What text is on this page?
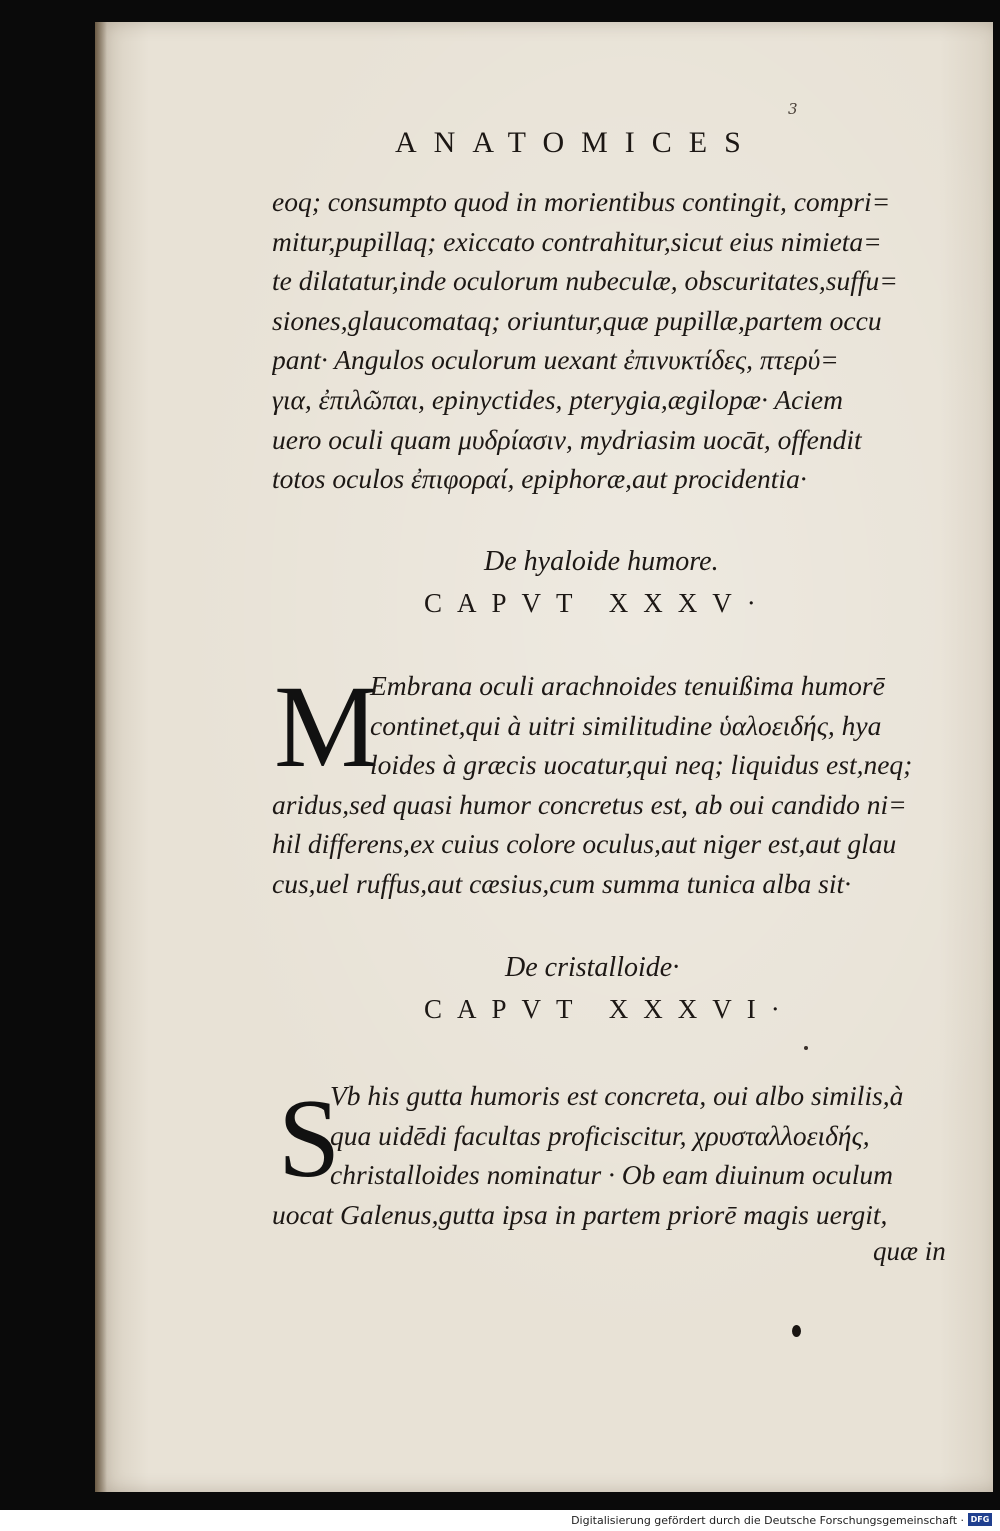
3
ANATOMICES
eoq; consumpto quod in morientibus contingit, compri=
mitur,pupillaq; exiccato contrahitur,sicut eius nimieta=
te dilatatur,inde oculorum nubeculæ, obscuritates,suffu=
siones,glaucomataq; oriuntur,quæ pupillæ,partem occu
pant· Angulos oculorum uexant ἐπινυκτίδες, πτερύ=
για, ἐπιλῶπαι, epinyctides, pterygia,ægilopæ· Aciem
uero oculi quam μυδρίασιν, mydriasim uocāt, offendit
totos oculos ἐπιφοραί, epiphoræ,aut procidentia·
De hyaloide humore.
CAPVT XXXV·
M
Embrana oculi arachnoides tenuißima humorē
continet,qui à uitri similitudine ὑαλοειδής, hya
loides à græcis uocatur,qui neq; liquidus est,neq;
aridus,sed quasi humor concretus est, ab oui candido ni=
hil differens,ex cuius colore oculus,aut niger est,aut glau
cus,uel ruffus,aut cæsius,cum summa tunica alba sit·
De cristalloide·
CAPVT XXXVI·
S
Vb his gutta humoris est concreta, oui albo similis,à
qua uidēdi facultas proficiscitur, χρυσταλλοειδής,
christalloides nominatur · Ob eam diuinum oculum
uocat Galenus,gutta ipsa in partem priorē magis uergit,
quæ in
Digitalisierung gefördert durch die Deutsche Forschungsgemeinschaft · DFG
